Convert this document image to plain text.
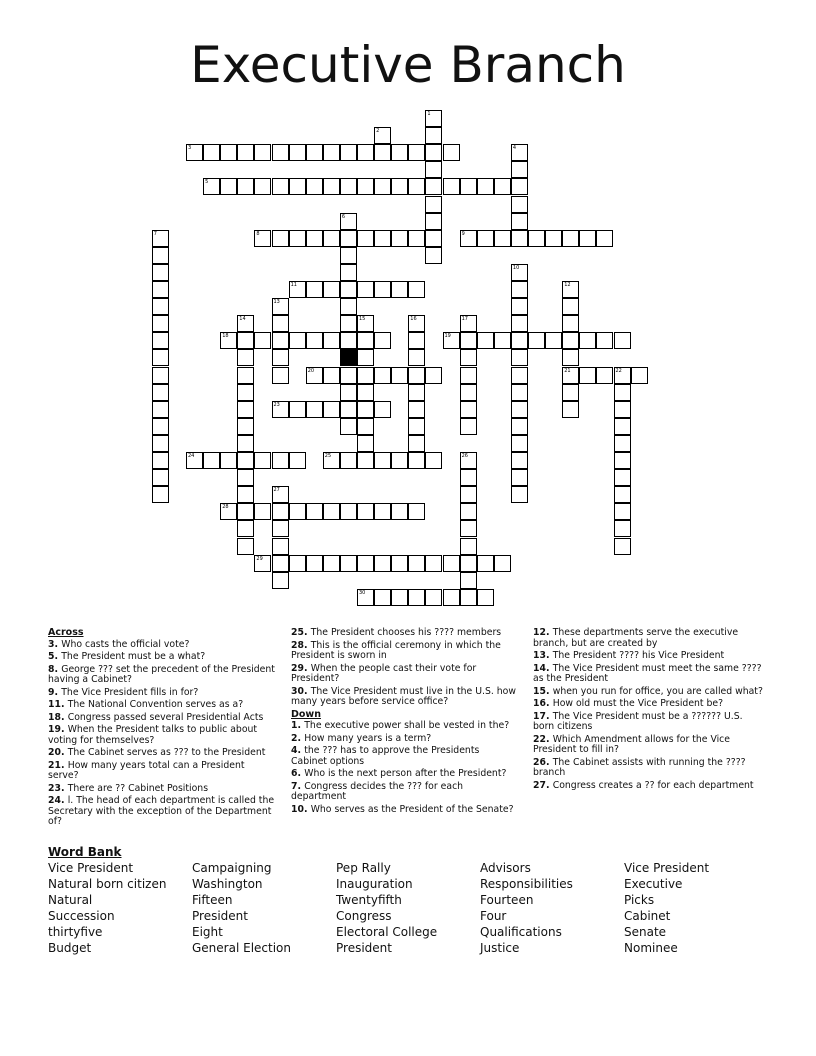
Executive Branch
1
2
3	4
5
6
7	8	9
10
11	12
21
13
14	15	16	17
18	19
20	22
23
24	25	26
27
28
29
30
Across
3. Who casts the official vote?
5. The President must be a what?
8. George ??? set the precedent of the President having a Cabinet?
9. The Vice President fills in for?
11. The National Convention serves as a?
18. Congress passed several Presidential Acts
19. When the President talks to public about voting for themselves?
20. The Cabinet serves as ??? to the President
21. How many years total can a President serve?
23. There are ?? Cabinet Positions
24. l. The head of each department is called the Secretary with the exception of the Department of?
25. The President chooses his ???? members
28. This is the official ceremony in which the President is sworn in
29. When the people cast their vote for President?
30. The Vice President must live in the U.S. how many years before service office?
Down
1. The executive power shall be vested in the?
2. How many years is a term?
4. the ??? has to approve the Presidents Cabinet options
6. Who is the next person after the President?
7. Congress decides the ??? for each department
10. Who serves as the President of the Senate?
12. These departments serve the executive branch, but are created by
13. The President ???? his Vice President
14. The Vice President must meet the same ???? as the President
15. when you run for office, you are called what?
16. How old must the Vice President be?
17. The Vice President must be a ?????? U.S. born citizens
22. Which Amendment allows for the Vice President to fill in?
26. The Cabinet assists with running the ???? branch
27. Congress creates a ?? for each department
Word Bank
Vice President
Natural born citizen
Natural
Succession
thirtyfive
Budget
Campaigning
Washington
Fifteen
President
Eight
General Election
Pep Rally
Inauguration
Twentyfifth
Congress
Electoral College
President
Advisors
Responsibilities
Fourteen
Four
Qualifications
Justice
Vice President
Executive
Picks
Cabinet
Senate
Nominee
